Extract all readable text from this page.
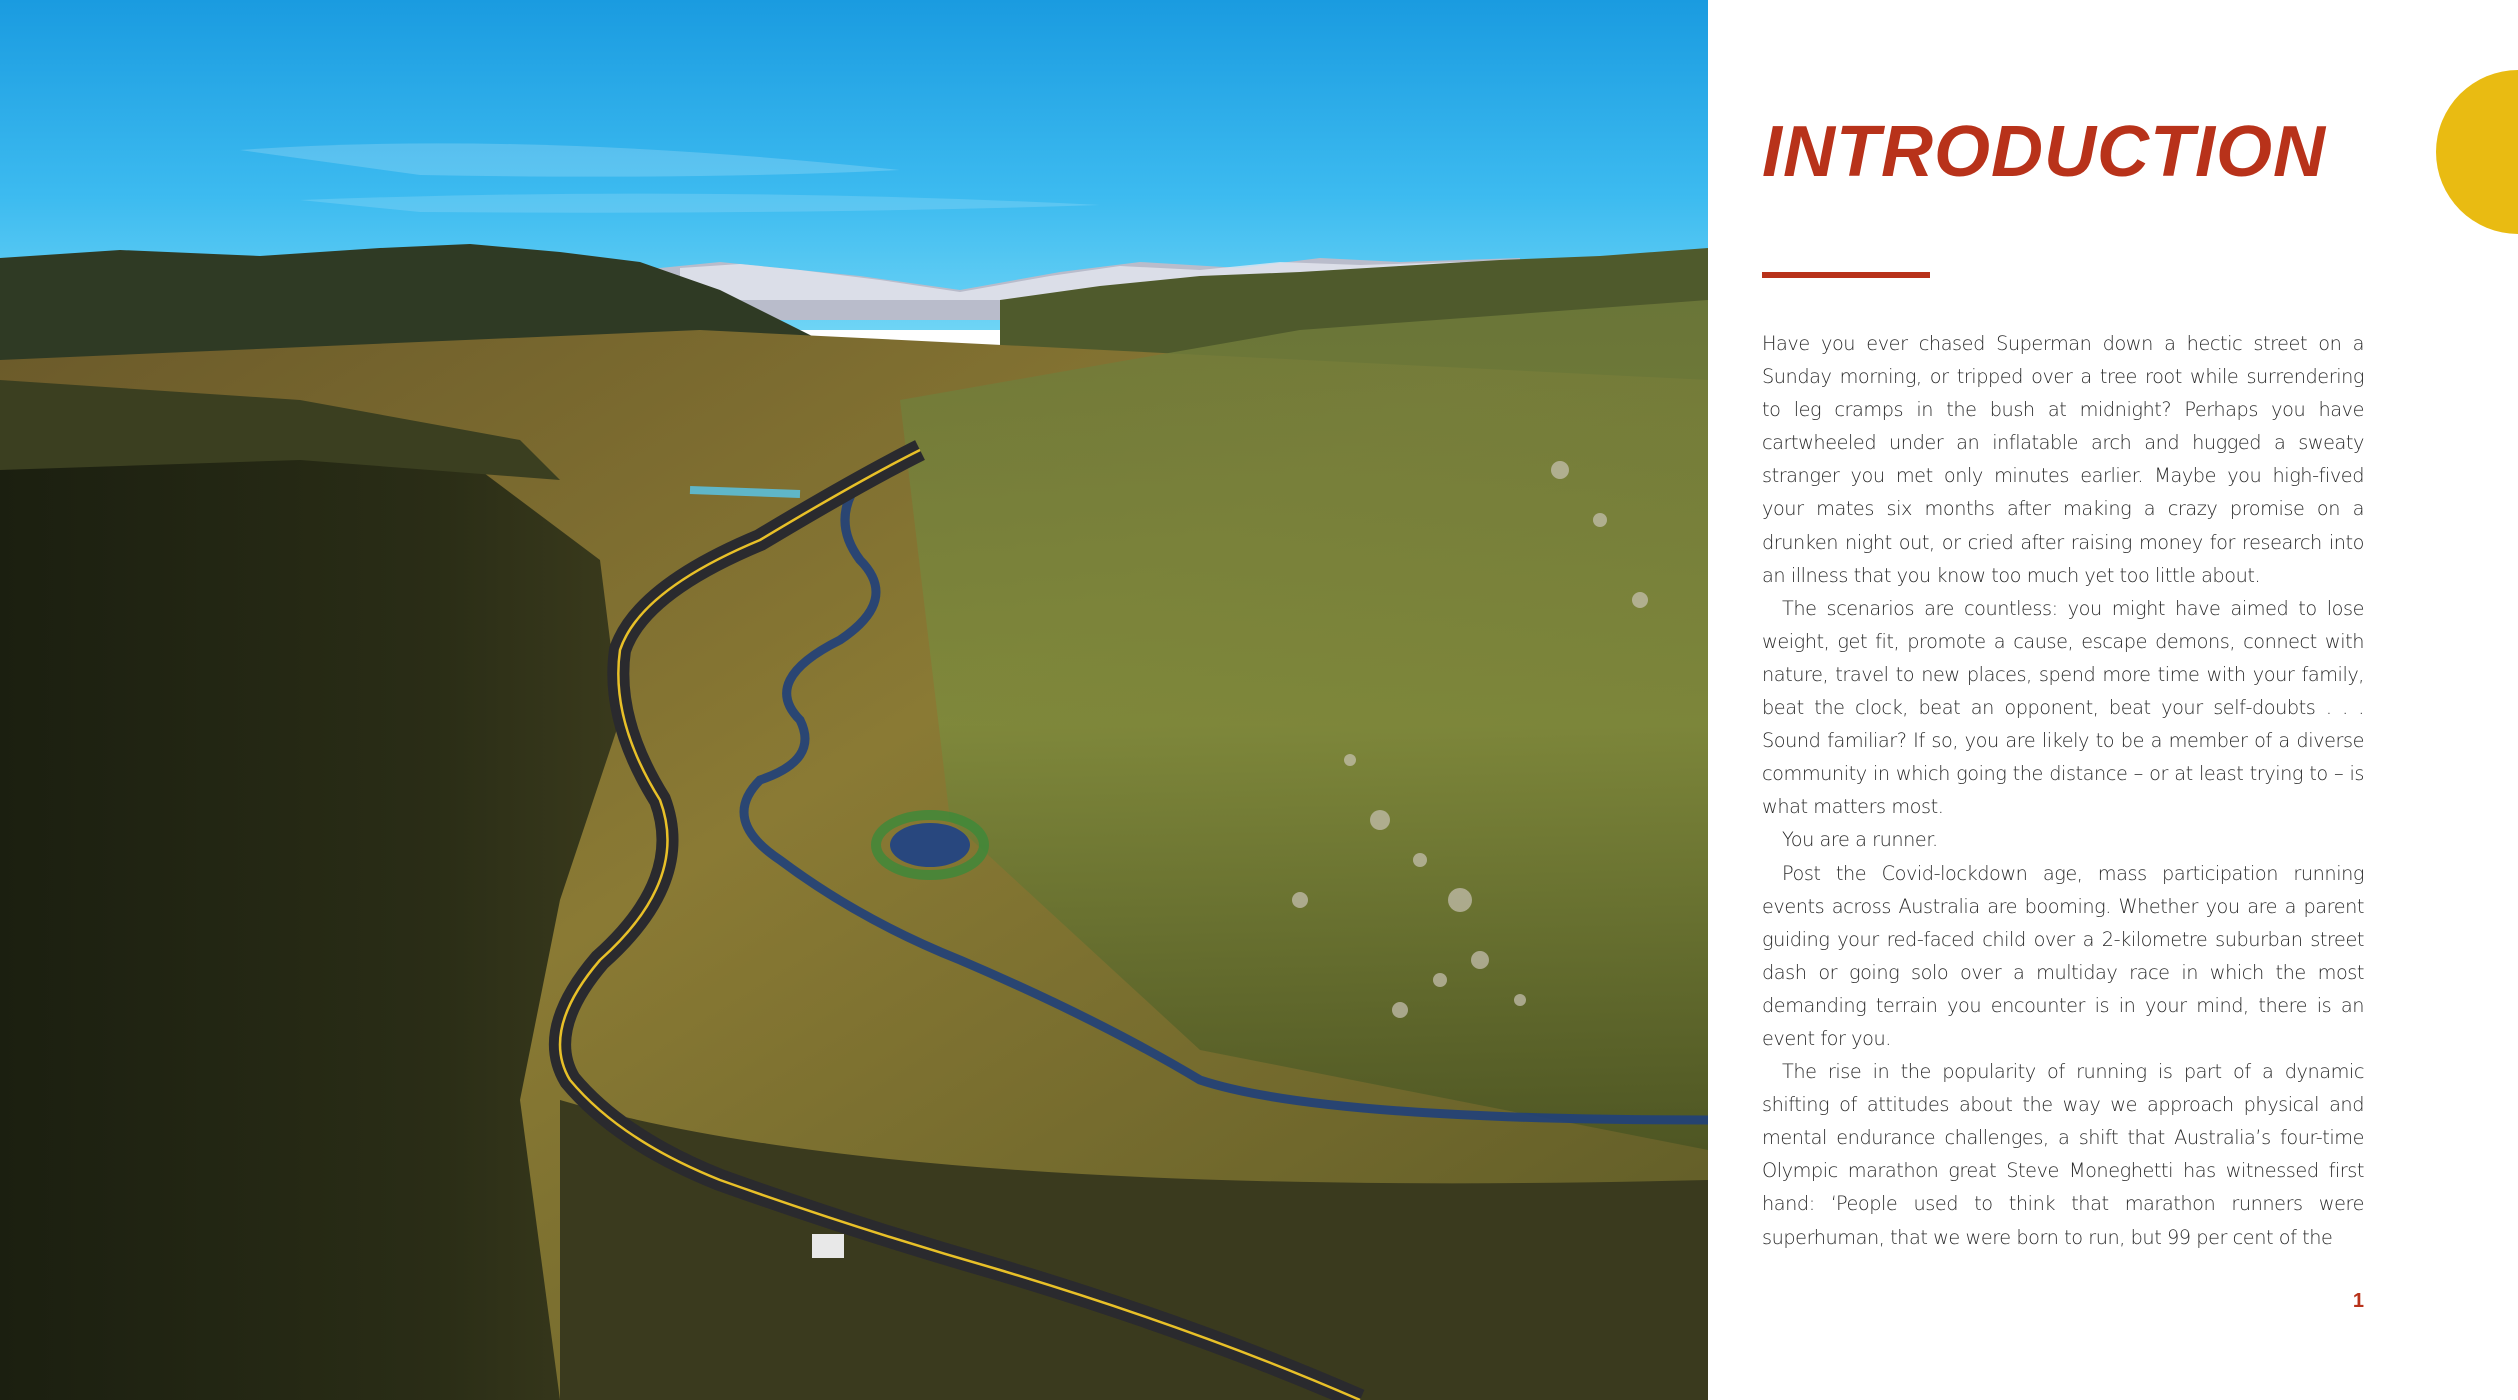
INTRODUCTION

Have you ever chased Superman down a hectic street on a Sunday morning, or tripped over a tree root while surrendering to leg cramps in the bush at midnight? Perhaps you have cartwheeled under an inflatable arch and hugged a sweaty stranger you met only minutes earlier. Maybe you high-fived your mates six months after making a crazy promise on a drunken night out, or cried after raising money for research into an illness that you know too much yet too little about.

The scenarios are countless: you might have aimed to lose weight, get fit, promote a cause, escape demons, connect with nature, travel to new places, spend more time with your family, beat the clock, beat an opponent, beat your self-doubts . . . Sound familiar? If so, you are likely to be a member of a diverse community in which going the distance – or at least trying to – is what matters most.

You are a runner.

Post the Covid-lockdown age, mass participation running events across Australia are booming. Whether you are a parent guiding your red-faced child over a 2-kilometre suburban street dash or going solo over a multiday race in which the most demanding terrain you encounter is in your mind, there is an event for you.

The rise in the popularity of running is part of a dynamic shifting of attitudes about the way we approach physical and mental endurance challenges, a shift that Australia’s four-time Olympic marathon great Steve Moneghetti has witnessed first hand: ‘People used to think that marathon runners were superhuman, that we were born to run, but 99 per cent of the

1
